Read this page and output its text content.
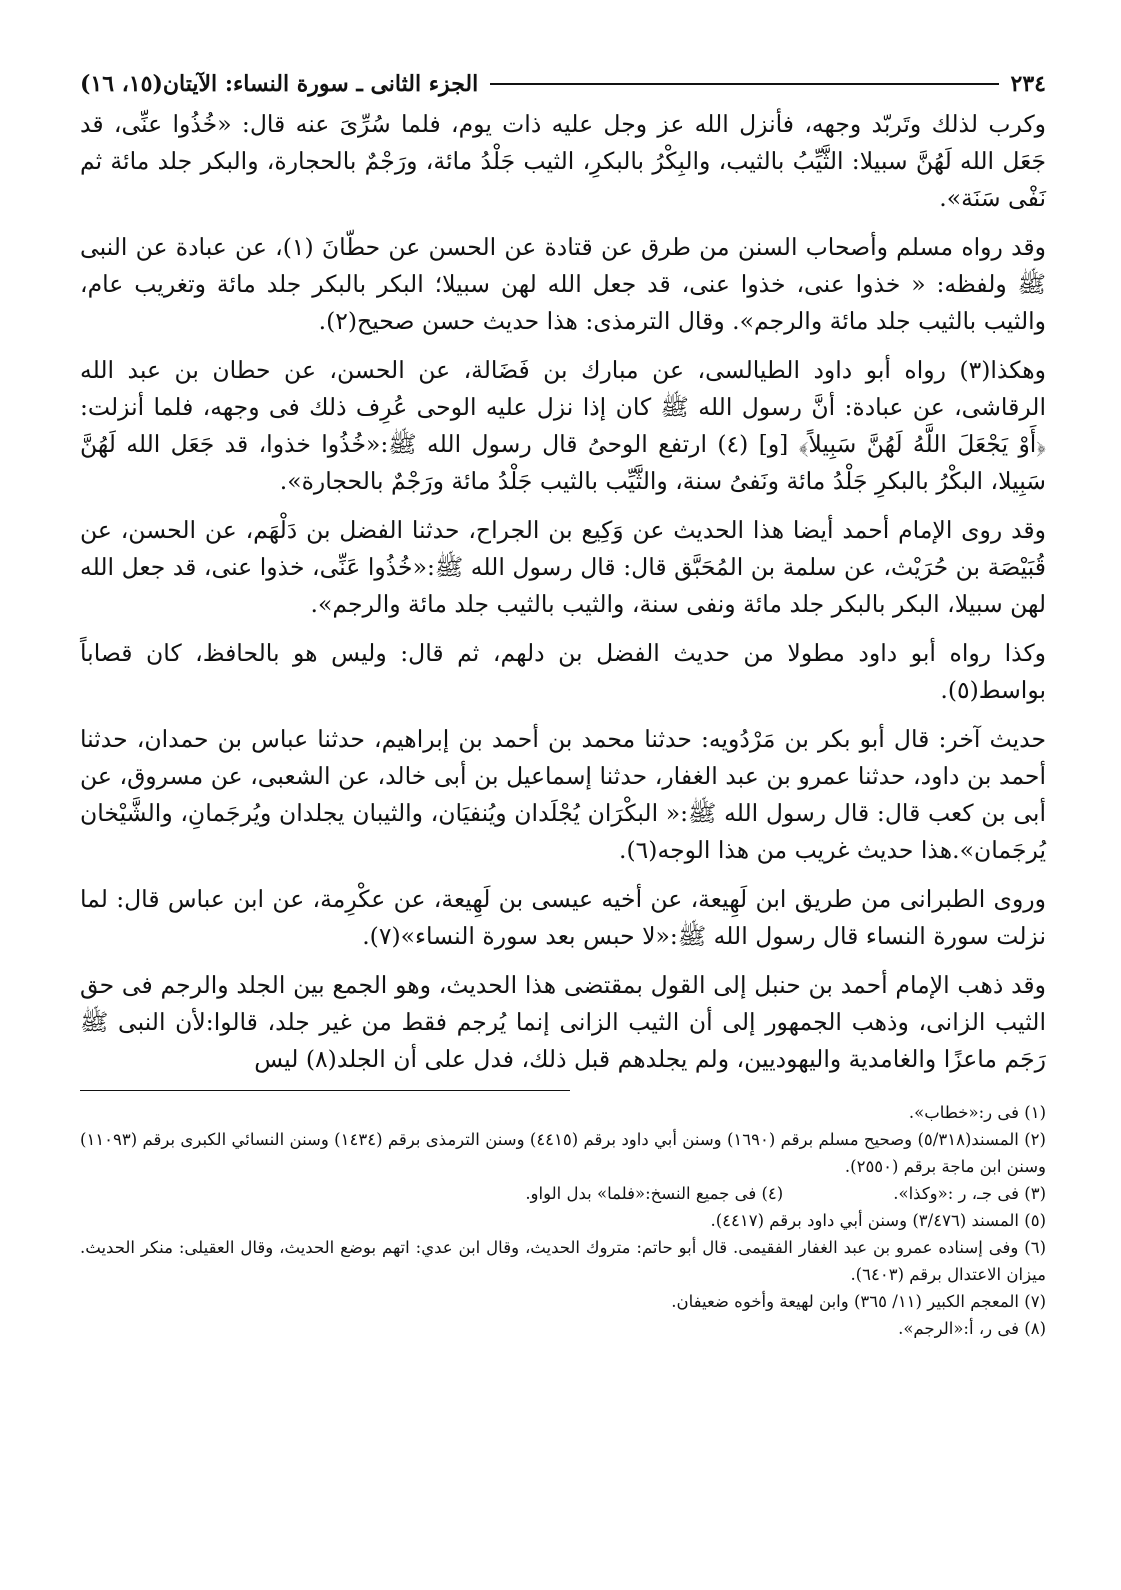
٢٣٤
الجزء الثانی ـ سورة النساء: الآيتان(١٥، ١٦)

وكرب لذلك وتَربّد وجهه، فأنزل الله عز وجل عليه ذات يوم، فلما سُرِّىَ عنه قال: «خُذُوا عنِّى، قد جَعَل الله لَهُنَّ سبيلا: الثَّيِّبُ بالثيب، والبِكْرُ بالبكرِ، الثيب جَلْدُ مائة، ورَجْمٌ بالحجارة، والبكر جلد مائة ثم نَفْى سَنَة».

وقد رواه مسلم وأصحاب السنن من طرق عن قتادة عن الحسن عن حطّانَ (١)، عن عبادة عن النبى ﷺ ولفظه: « خذوا عنى، خذوا عنى، قد جعل الله لهن سبيلا؛ البكر بالبكر جلد مائة وتغريب عام، والثيب بالثيب جلد مائة والرجم». وقال الترمذى: هذا حديث حسن صحيح(٢).

وهكذا(٣) رواه أبو داود الطيالسى، عن مبارك بن فَضَالة، عن الحسن، عن حطان بن عبد الله الرقاشى، عن عبادة: أنَّ رسول الله ﷺ كان إذا نزل عليه الوحى عُرِف ذلك فى وجهه، فلما أنزلت: ﴿أَوْ يَجْعَلَ اللَّهُ لَهُنَّ سَبِيلاً﴾ [و] (٤) ارتفع الوحىُ قال رسول الله ﷺ:«خُذُوا خذوا، قد جَعَل الله لَهُنَّ سَبِيلا، البكْرُ بالبكرِ جَلْدُ مائة ونَفىُ سنة، والثَّيِّب بالثيب جَلْدُ مائة ورَجْمٌ بالحجارة».

وقد روى الإمام أحمد أيضا هذا الحديث عن وَكِيع بن الجراح، حدثنا الفضل بن دَلْهَم، عن الحسن، عن قُبَيْصَة بن حُرَيْث، عن سلمة بن المُحَبَّق قال: قال رسول الله ﷺ:«خُذُوا عَنِّى، خذوا عنى، قد جعل الله لهن سبيلا، البكر بالبكر جلد مائة ونفى سنة، والثيب بالثيب جلد مائة والرجم».

وكذا رواه أبو داود مطولا من حديث الفضل بن دلهم، ثم قال: وليس هو بالحافظ، كان قصاباً بواسط(٥).

حديث آخر: قال أبو بكر بن مَرْدُويه: حدثنا محمد بن أحمد بن إبراهيم، حدثنا عباس بن حمدان، حدثنا أحمد بن داود، حدثنا عمرو بن عبد الغفار، حدثنا إسماعيل بن أبى خالد، عن الشعبى، عن مسروق، عن أبى بن كعب قال: قال رسول الله ﷺ:« البكْرَان يُجْلَدان ويُنفيَان، والثيبان يجلدان ويُرجَمانِ، والشَّيْخان يُرجَمان».هذا حديث غريب من هذا الوجه(٦).

وروى الطبرانى من طريق ابن لَهِيعة، عن أخيه عيسى بن لَهِيعة، عن عكْرِمة، عن ابن عباس قال: لما نزلت سورة النساء قال رسول الله ﷺ:«لا حبس بعد سورة النساء»(٧).

وقد ذهب الإمام أحمد بن حنبل إلى القول بمقتضى هذا الحديث، وهو الجمع بين الجلد والرجم فى حق الثيب الزانى، وذهب الجمهور إلى أن الثيب الزانى إنما يُرجم فقط من غير جلد، قالوا:لأن النبى ﷺ رَجَم ماعزًا والغامدية واليهوديين، ولم يجلدهم قبل ذلك، فدل على أن الجلد(٨) ليس

(١) فى ر:«خطاب».

(٢) المسند(٥/٣١٨) وصحيح مسلم برقم (١٦٩٠) وسنن أبي داود برقم (٤٤١٥) وسنن الترمذی برقم (١٤٣٤) وسنن النسائي الكبرى برقم (١١٠٩٣) وسنن ابن ماجة برقم (٢٥٥٠).

(٣) فى جـ، ر :«وكذا».

(٤) فى جميع النسخ:«فلما» بدل الواو.

(٥) المسند (٣/٤٧٦) وسنن أبي داود برقم (٤٤١٧).

(٦) وفى إسناده عمرو بن عبد الغفار الفقيمى. قال أبو حاتم: متروك الحديث، وقال ابن عدي: اتهم بوضع الحديث، وقال العقيلى: منكر الحديث. ميزان الاعتدال برقم (٦٤٠٣).

(٧) المعجم الكبير (١١/ ٣٦٥) وابن لهيعة وأخوه ضعيفان.

(٨) فى ر، أ:«الرجم».
